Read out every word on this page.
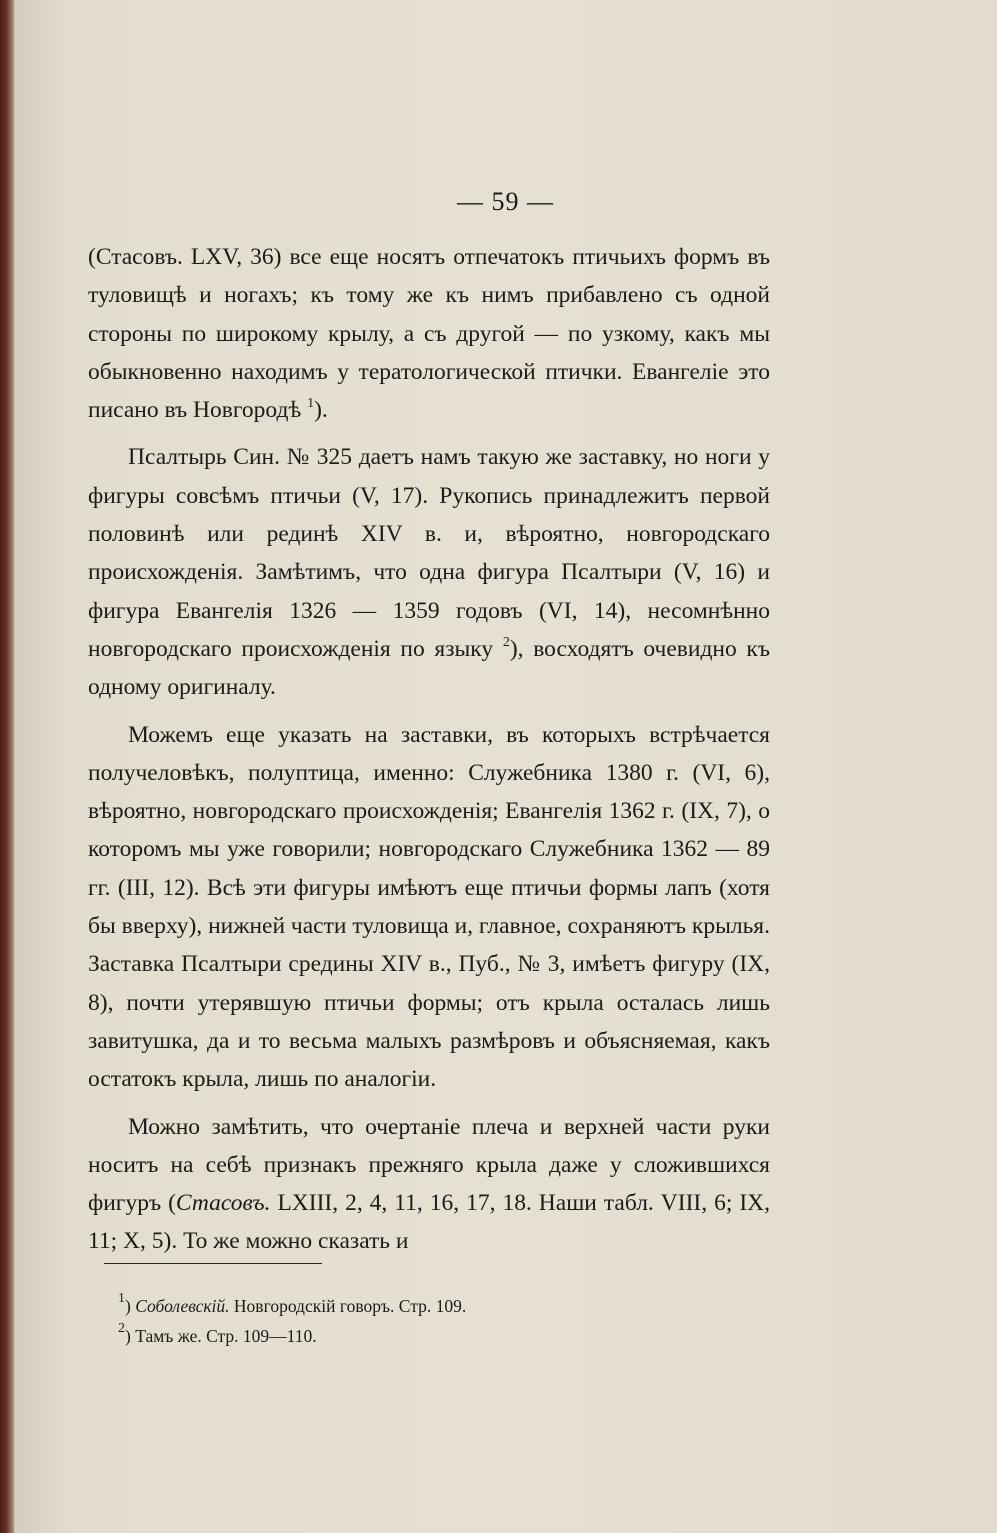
— 59 —

(Стасовъ. LXV, 36) все еще носятъ отпечатокъ птичьихъ формъ въ туловищѣ и ногахъ; къ тому же къ нимъ прибавлено съ одной стороны по широкому крылу, а съ другой — по узкому, какъ мы обыкновенно находимъ у тератологической птички. Евангеліе это писано въ Новгородѣ $^1$).

Псалтырь Син. № 325 даетъ намъ такую же заставку, но ноги у фигуры совсѣмъ птичьи (V, 17). Рукопись принадлежитъ первой половинѣ или рединѣ XIV в. и, вѣроятно, новгородскаго происхожденія. Замѣтимъ, что одна фигура Псалтыри (V, 16) и фигура Евангелія 1326 — 1359 годовъ (VI, 14), несомнѣнно новгородскаго происхожденія по языку $^2$), восходятъ очевидно къ одному оригиналу.

Можемъ еще указать на заставки, въ которыхъ встрѣчается получеловѣкъ, полуптица, именно: Служебника 1380 г. (VI, 6), вѣроятно, новгородскаго происхожденія; Евангелія 1362 г. (IX, 7), о которомъ мы уже говорили; новгородскаго Служебника 1362 — 89 гг. (III, 12). Всѣ эти фигуры имѣютъ еще птичьи формы лапъ (хотя бы вверху), нижней части туловища и, главное, сохраняютъ крылья. Заставка Псалтыри средины XIV в., Пуб., № 3, имѣетъ фигуру (IX, 8), почти утерявшую птичьи формы; отъ крыла осталась лишь завитушка, да и то весьма малыхъ размѣровъ и объясняемая, какъ остатокъ крыла, лишь по аналогіи.

Можно замѣтить, что очертаніе плеча и верхней части руки носитъ на себѣ признакъ прежняго крыла даже у сложившихся фигуръ (Стасовъ. LXIII, 2, 4, 11, 16, 17, 18. Наши табл. VIII, 6; IX, 11; X, 5). То же можно сказать и

$^1$) Соболевскій. Новгородскій говоръ. Стр. 109.

$^2$) Тамъ же. Стр. 109—110.
